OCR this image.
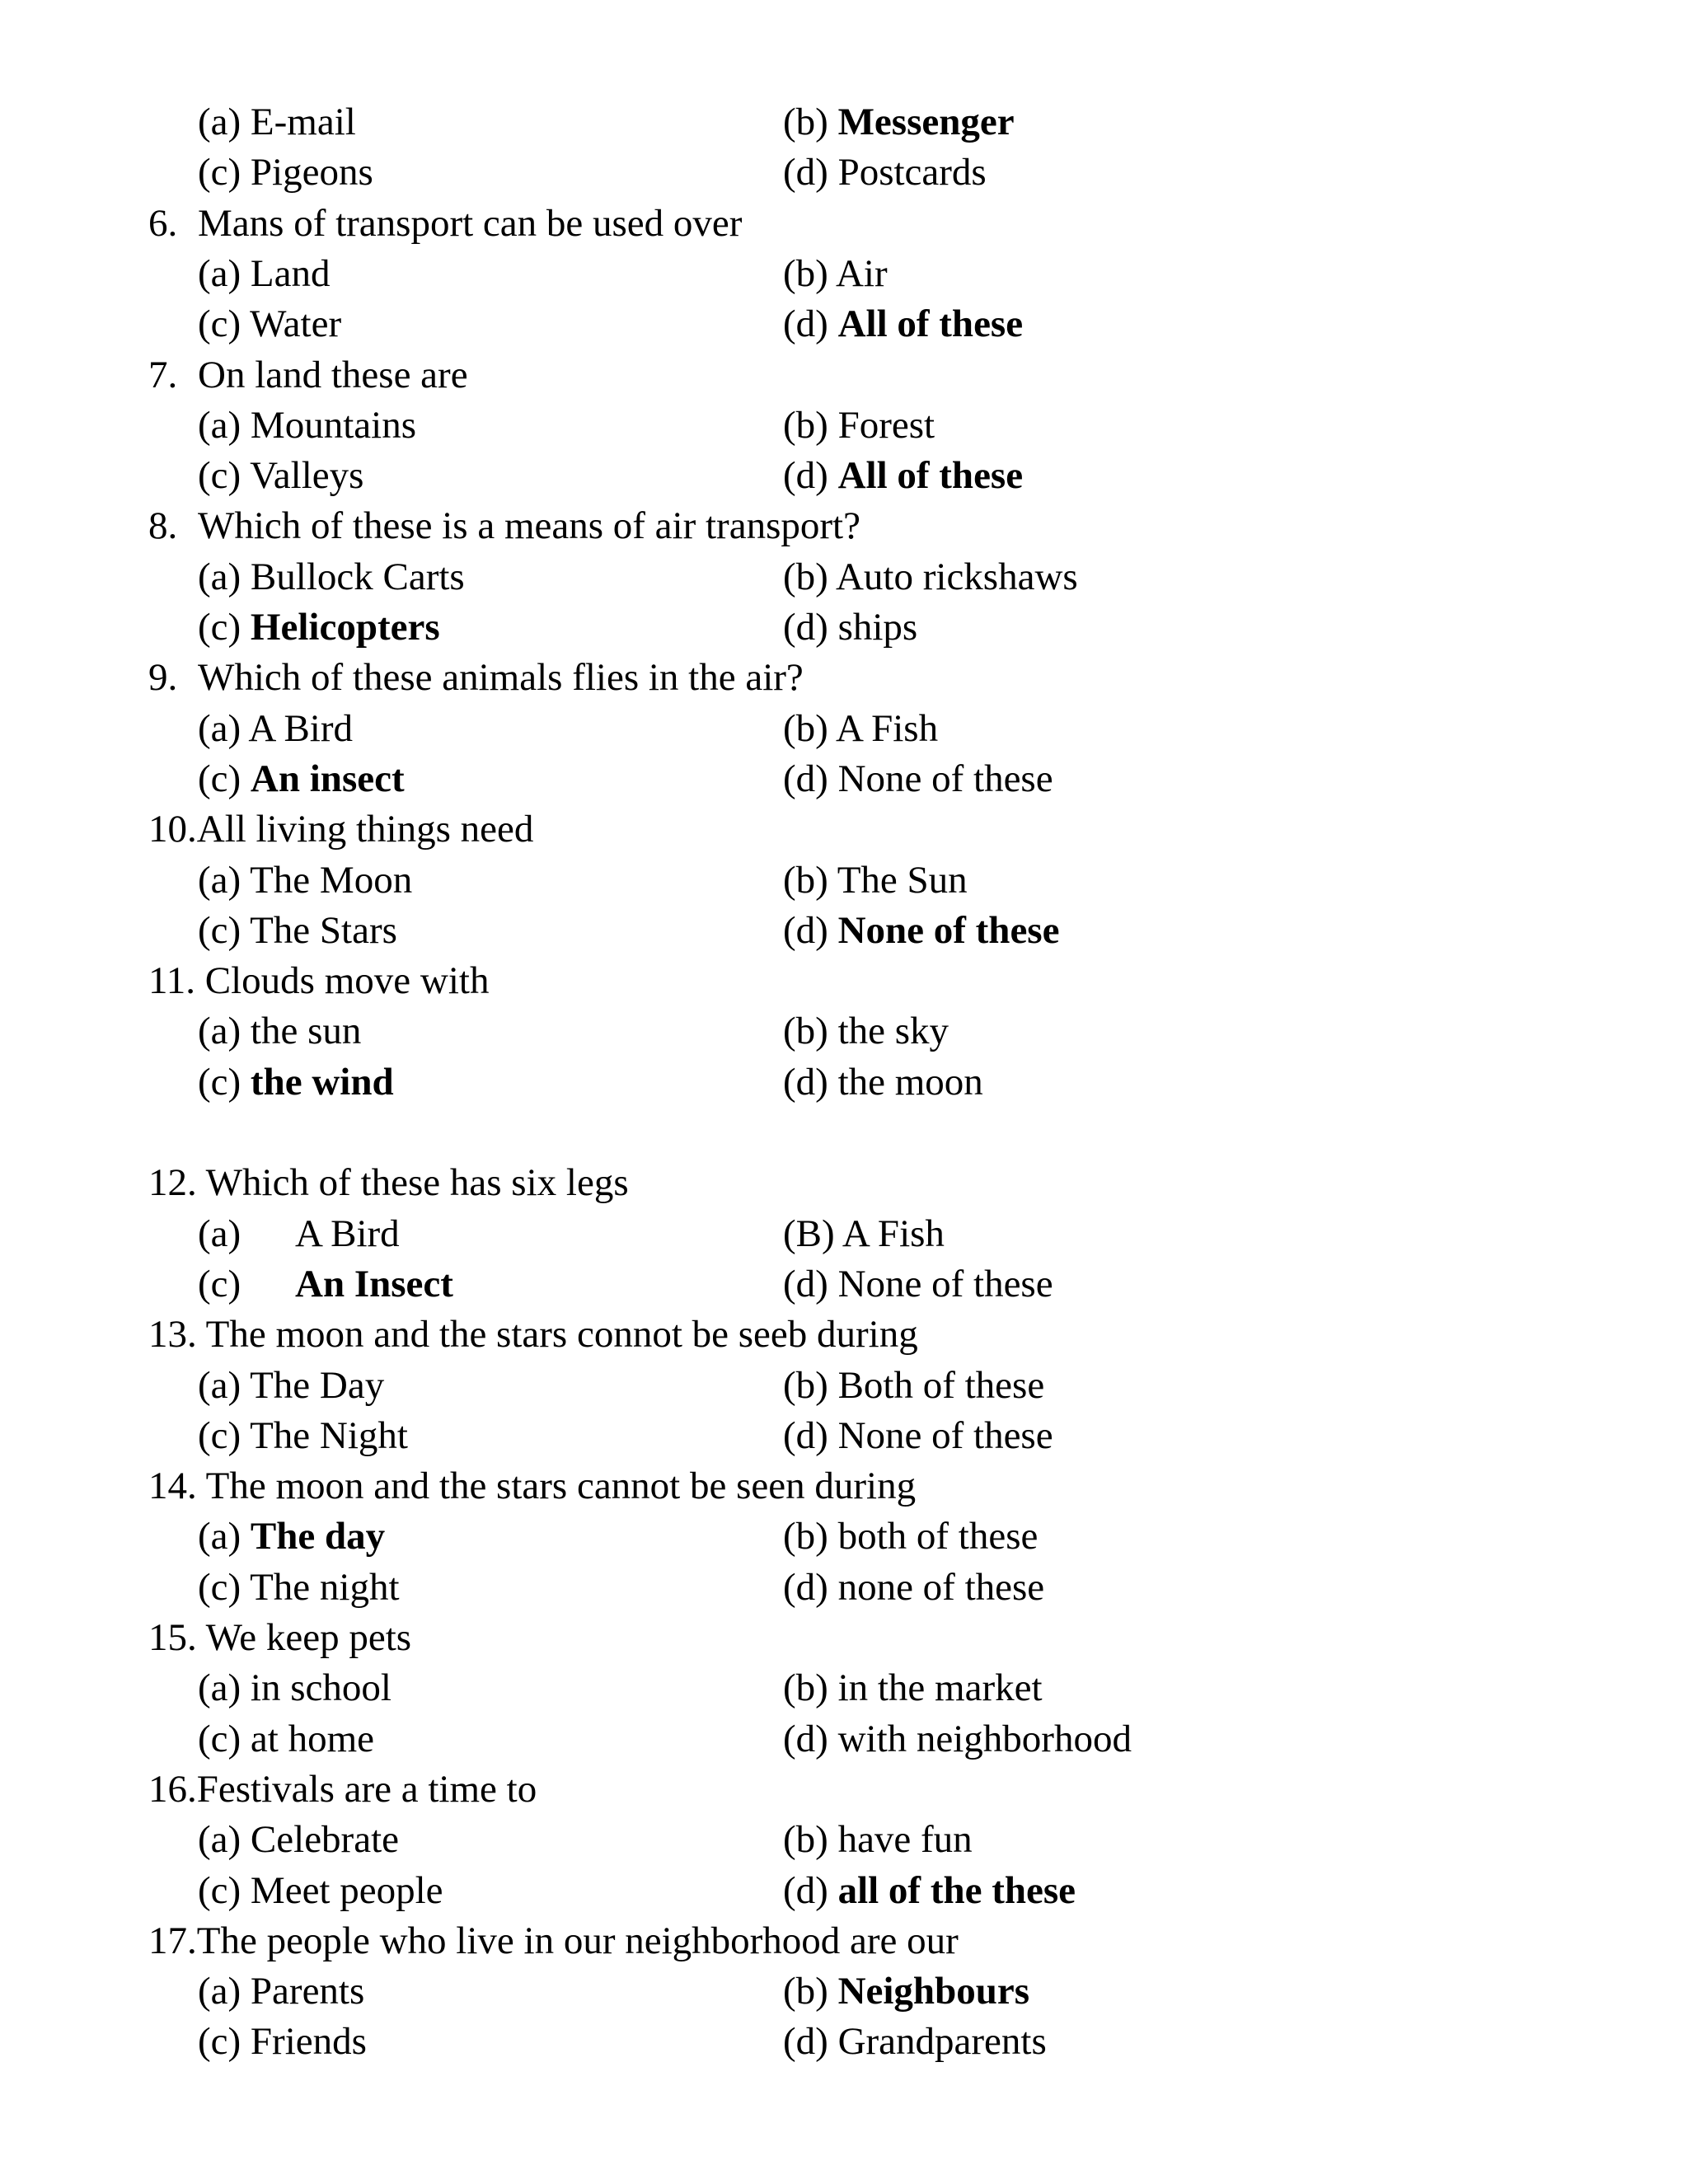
(a) E-mail	(b) Messenger
(c) Pigeons	(d) Postcards
6. Mans of transport can be used over
(a) Land	(b) Air
(c) Water	(d) All of these
7. On land these are
(a) Mountains	(b) Forest
(c) Valleys	(d) All of these
8. Which of these is a means of air transport?
(a) Bullock Carts	(b) Auto rickshaws
(c) Helicopters	(d) ships
9. Which of these animals flies in the air?
(a) A Bird	(b) A Fish
(c) An insect	(d) None of these
10.All living things need
(a) The Moon	(b) The Sun
(c) The Stars	(d) None of these
11. Clouds move with
(a) the sun	(b) the sky
(c) the wind	(d) the moon
12. Which of these has six legs
(a) A Bird	(B) A Fish
(c) An Insect	(d) None of these
13. The moon and the stars connot be seeb during
(a) The Day	(b) Both of these
(c) The Night	(d) None of these
14. The moon and the stars cannot be seen during
(a) The day	(b) both of these
(c) The night	(d) none of these
15. We keep pets
(a) in school	(b) in the market
(c) at home	(d) with neighborhood
16.Festivals are a time to
(a) Celebrate	(b) have fun
(c) Meet people	(d) all of the these
17.The people who live in our neighborhood are our
(a) Parents	(b) Neighbours
(c) Friends	(d) Grandparents
